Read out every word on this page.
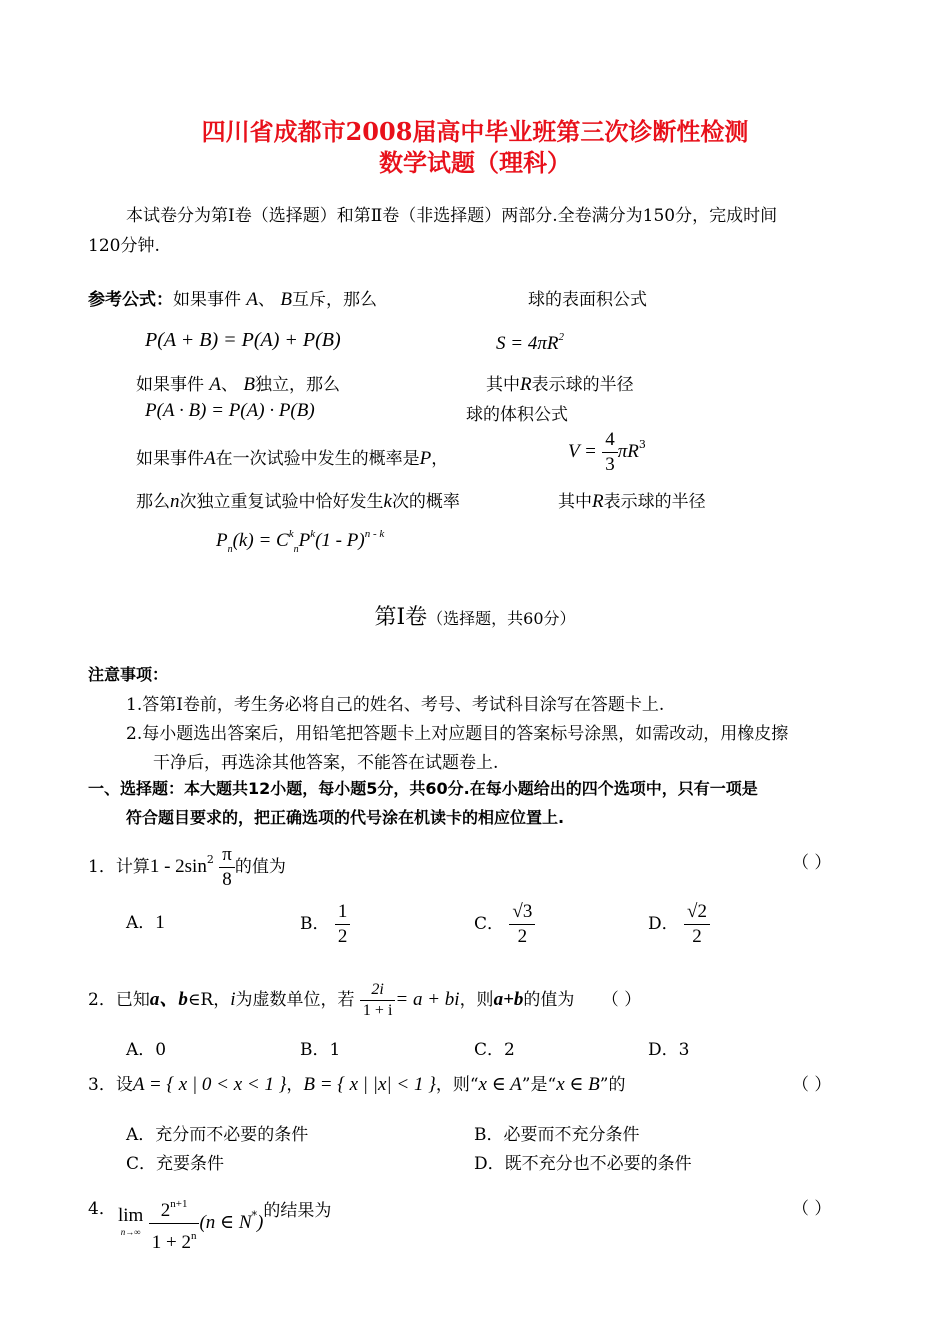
四川省成都市2008届高中毕业班第三次诊断性检测
数学试题（理科）
本试卷分为第Ⅰ卷（选择题）和第Ⅱ卷（非选择题）两部分.全卷满分为150分，完成时间
120分钟.
参考公式：如果事件 A、 B互斥，那么
P(A + B) = P(A) + P(B)
如果事件 A、 B独立，那么
P(A · B) = P(A) · P(B)
如果事件A在一次试验中发生的概率是P，
那么n次独立重复试验中恰好发生k次的概率
$P_n(k) = C^k_nP^k(1 - P)^{n - k}$
球的表面积公式
$S = 4\pi R^2$
其中R表示球的半径
球的体积公式
$V = \frac{4}{3} \pi R^3$
其中R表示球的半径
第Ⅰ卷（选择题，共60分）
注意事项：
1.答第Ⅰ卷前，考生务必将自己的姓名、考号、考试科目涂写在答题卡上.
2.每小题选出答案后，用铅笔把答题卡上对应题目的答案标号涂黑，如需改动，用橡皮擦
干净后，再选涂其他答案，不能答在试题卷上.
一、选择题：本大题共12小题，每小题5分，共60分.在每小题给出的四个选项中，只有一项是
符合题目要求的，把正确选项的代号涂在机读卡的相应位置上.
1．计算$1 - 2\sin^2 \frac{\pi}{8}$ 的值为	（ ）
A．1	B． $\frac{1}{2}$	C． $\frac{√3}{2}$	D． $\frac{√2}{2}$
2．已知a、b∈R，i为虚数单位，若 $\frac{2i}{1 + i} = a$ + bi，则a+b的值为 （ ）
A．0	B．1	C．2	D．3
3．设A = { x | 0 < x < 1 }，B = { x | |x| < 1 }，则“x ∈ A”是“x ∈ B”的	（ ）
A．充分而不必要的条件	B．必要而不充分条件
C．充要条件	D．既不充分也不必要的条件
4． lim
n→∞
$\frac{2^{n+1}}{1 + 2^n} (n$ ∈ N*)的结果为	（ ）
